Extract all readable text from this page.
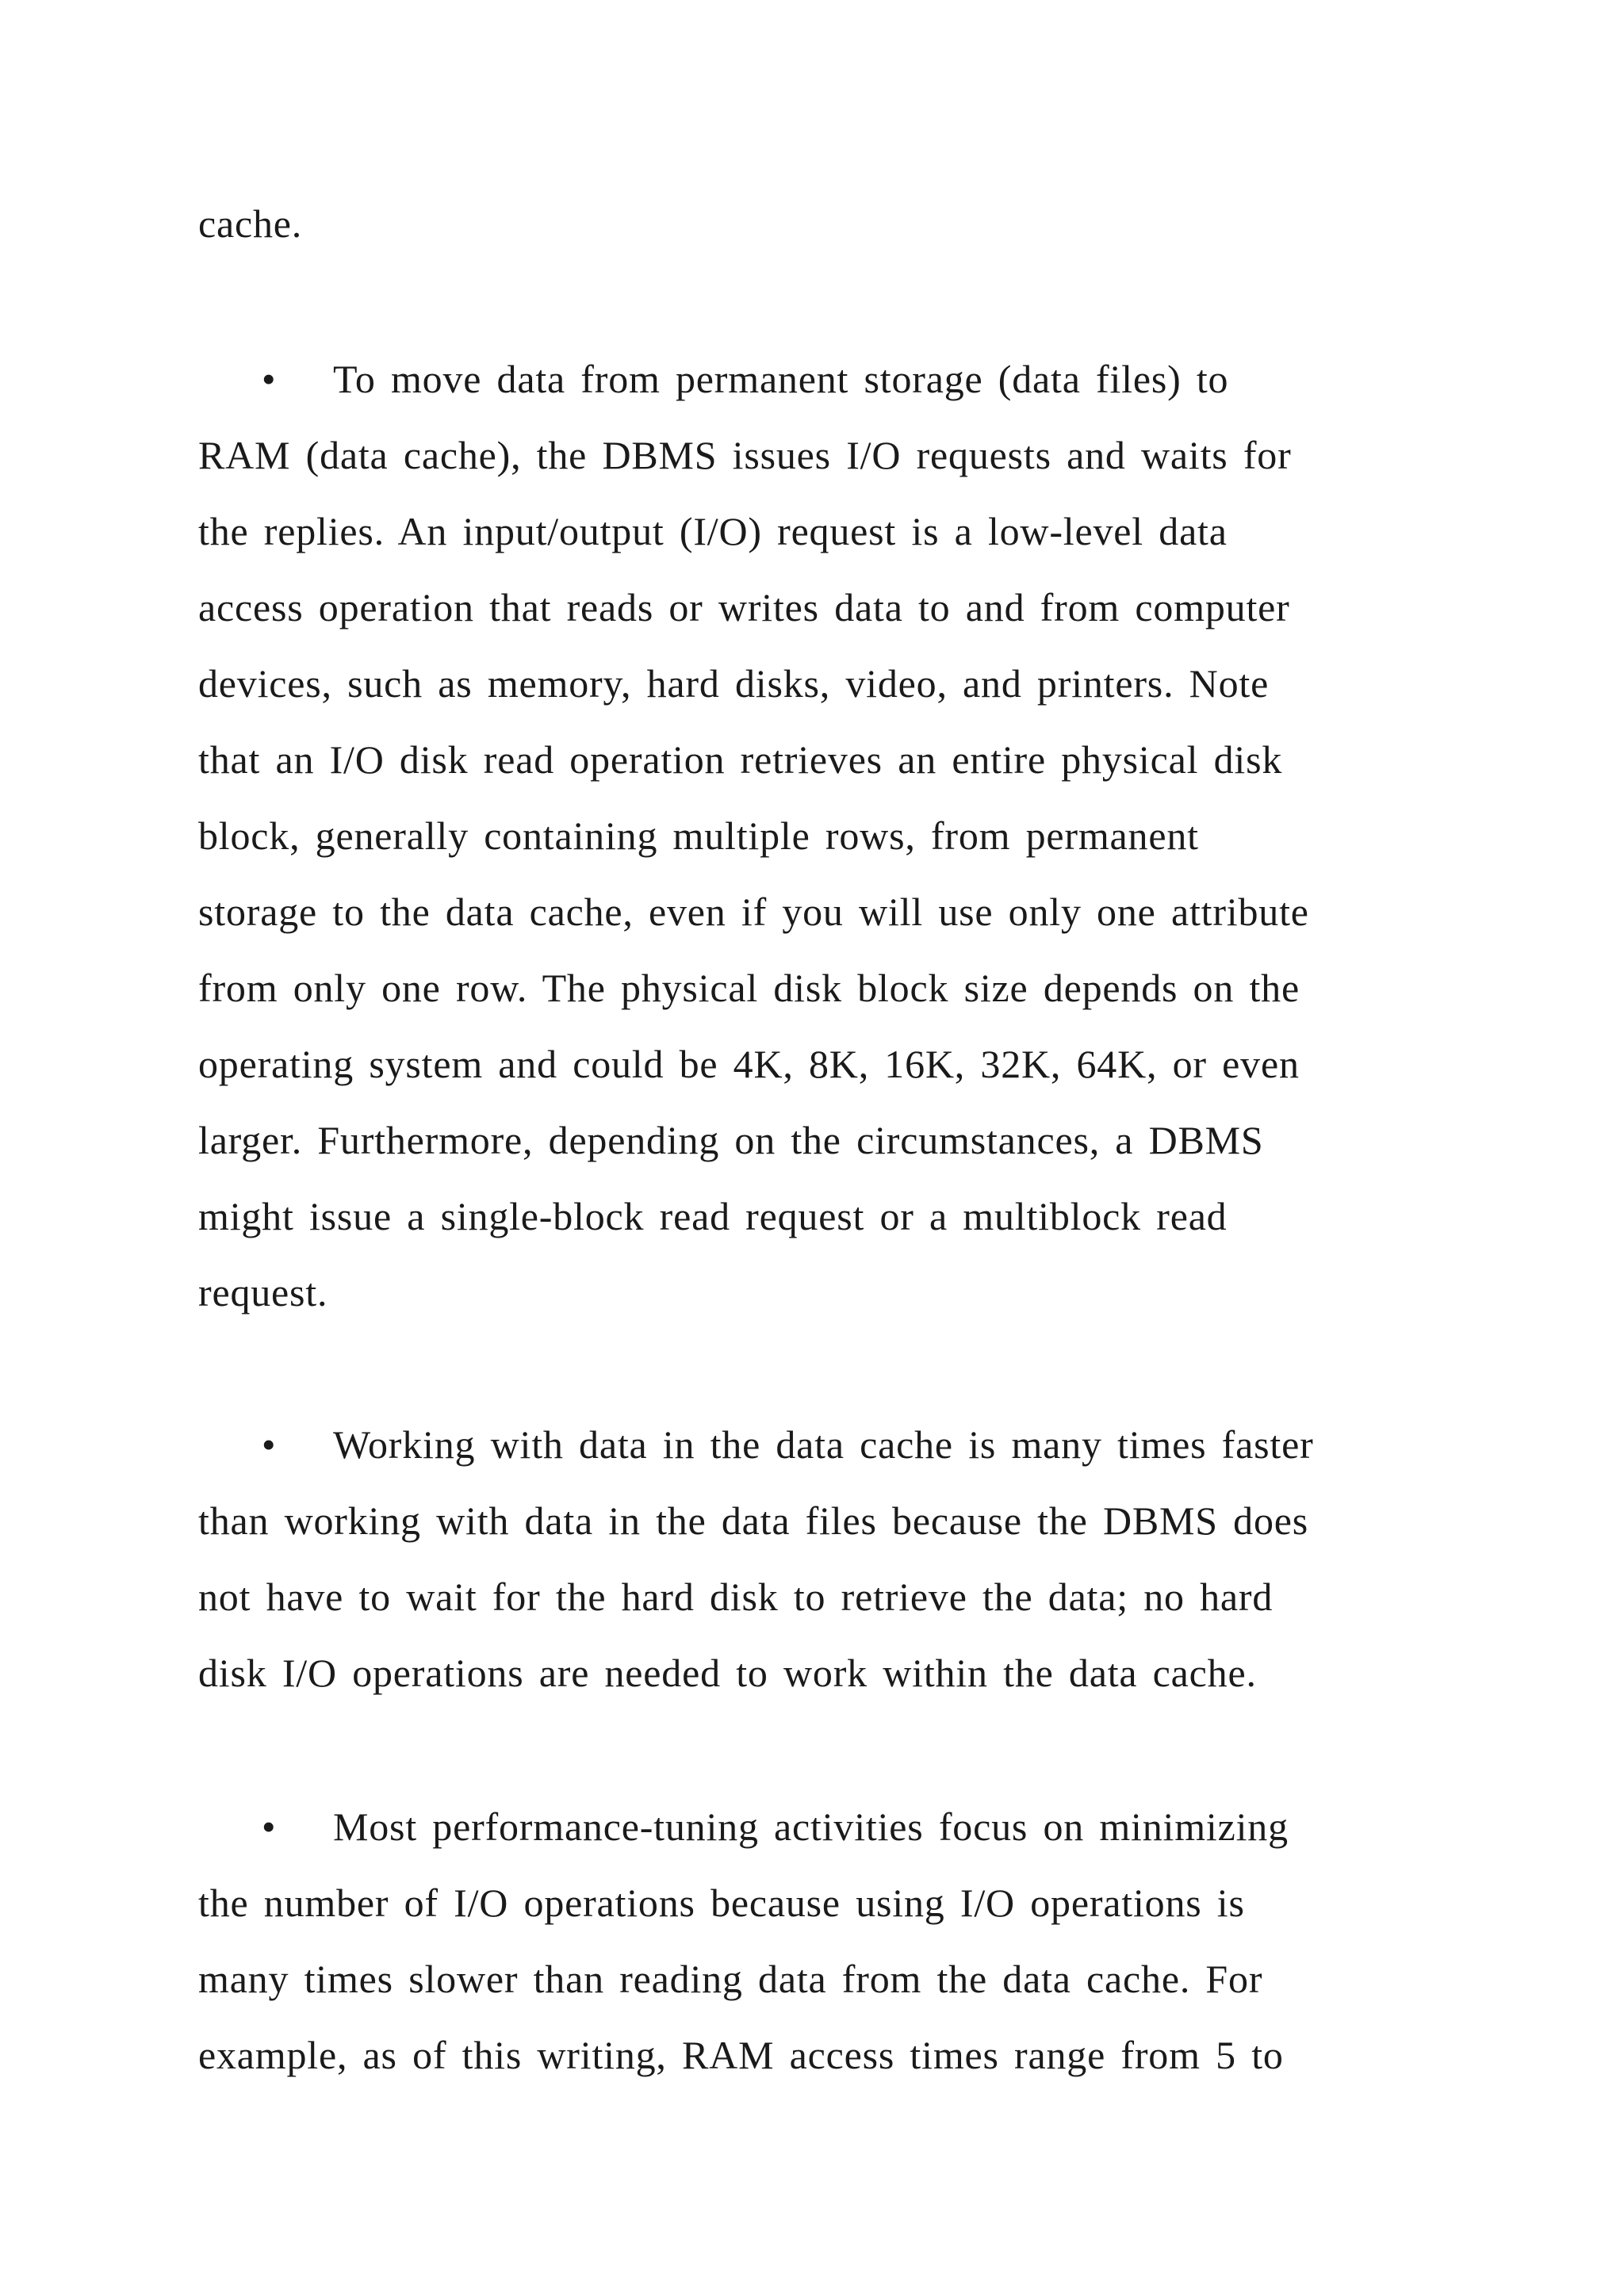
cache.
• To move data from permanent storage (data files) to
RAM (data cache), the DBMS issues I/O requests and waits for
the replies. An input/output (I/O) request is a low-level data
access operation that reads or writes data to and from computer
devices, such as memory, hard disks, video, and printers. Note
that an I/O disk read operation retrieves an entire physical disk
block, generally containing multiple rows, from permanent
storage to the data cache, even if you will use only one attribute
from only one row. The physical disk block size depends on the
operating system and could be 4K, 8K, 16K, 32K, 64K, or even
larger. Furthermore, depending on the circumstances, a DBMS
might issue a single-block read request or a multiblock read
request.
• Working with data in the data cache is many times faster
than working with data in the data files because the DBMS does
not have to wait for the hard disk to retrieve the data; no hard
disk I/O operations are needed to work within the data cache.
• Most performance-tuning activities focus on minimizing
the number of I/O operations because using I/O operations is
many times slower than reading data from the data cache. For
example, as of this writing, RAM access times range from 5 to
